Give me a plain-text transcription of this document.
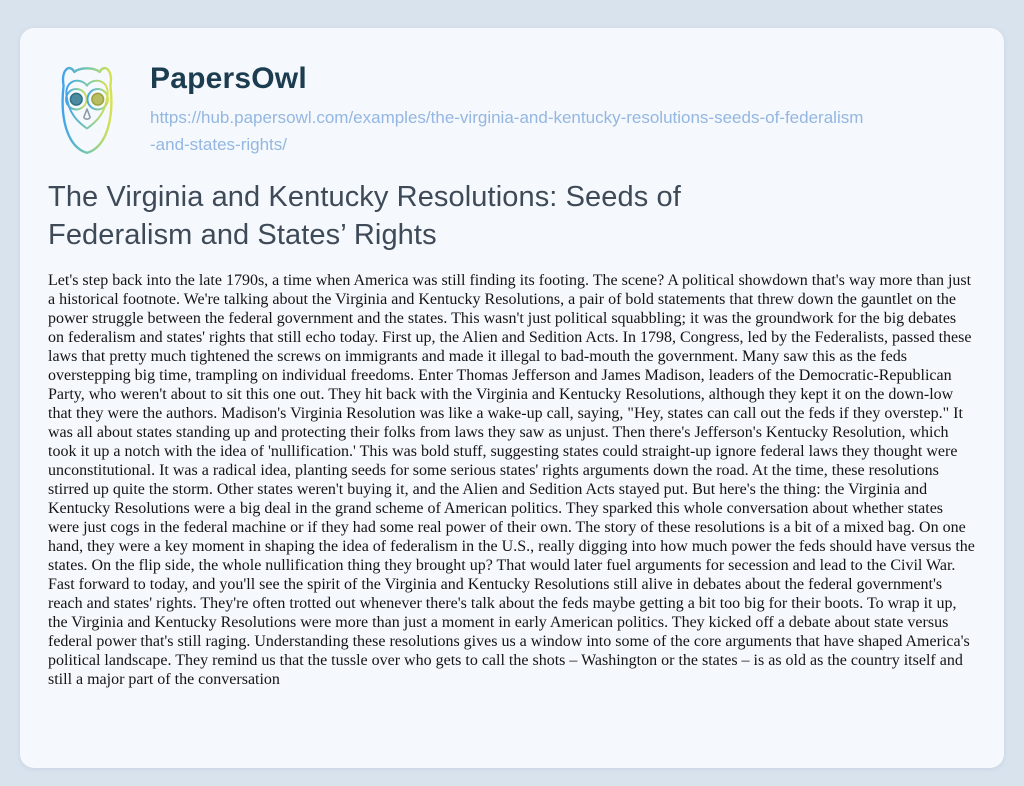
PapersOwl
https://hub.papersowl.com/examples/the-virginia-and-kentucky-resolutions-seeds-of-federalism-and-states-rights/
The Virginia and Kentucky Resolutions: Seeds of Federalism and States’ Rights

Let's step back into the late 1790s, a time when America was still finding its footing. The scene? A political showdown that's way more than just a historical footnote. We're talking about the Virginia and Kentucky Resolutions, a pair of bold statements that threw down the gauntlet on the power struggle between the federal government and the states. This wasn't just political squabbling; it was the groundwork for the big debates on federalism and states' rights that still echo today. First up, the Alien and Sedition Acts. In 1798, Congress, led by the Federalists, passed these laws that pretty much tightened the screws on immigrants and made it illegal to bad-mouth the government. Many saw this as the feds overstepping big time, trampling on individual freedoms. Enter Thomas Jefferson and James Madison, leaders of the Democratic-Republican Party, who weren't about to sit this one out. They hit back with the Virginia and Kentucky Resolutions, although they kept it on the down-low that they were the authors. Madison's Virginia Resolution was like a wake-up call, saying, "Hey, states can call out the feds if they overstep." It was all about states standing up and protecting their folks from laws they saw as unjust. Then there's Jefferson's Kentucky Resolution, which took it up a notch with the idea of 'nullification.' This was bold stuff, suggesting states could straight-up ignore federal laws they thought were unconstitutional. It was a radical idea, planting seeds for some serious states' rights arguments down the road. At the time, these resolutions stirred up quite the storm. Other states weren't buying it, and the Alien and Sedition Acts stayed put. But here's the thing: the Virginia and Kentucky Resolutions were a big deal in the grand scheme of American politics. They sparked this whole conversation about whether states were just cogs in the federal machine or if they had some real power of their own. The story of these resolutions is a bit of a mixed bag. On one hand, they were a key moment in shaping the idea of federalism in the U.S., really digging into how much power the feds should have versus the states. On the flip side, the whole nullification thing they brought up? That would later fuel arguments for secession and lead to the Civil War. Fast forward to today, and you'll see the spirit of the Virginia and Kentucky Resolutions still alive in debates about the federal government's reach and states' rights. They're often trotted out whenever there's talk about the feds maybe getting a bit too big for their boots. To wrap it up, the Virginia and Kentucky Resolutions were more than just a moment in early American politics. They kicked off a debate about state versus federal power that's still raging. Understanding these resolutions gives us a window into some of the core arguments that have shaped America's political landscape. They remind us that the tussle over who gets to call the shots – Washington or the states – is as old as the country itself and still a major part of the conversation
